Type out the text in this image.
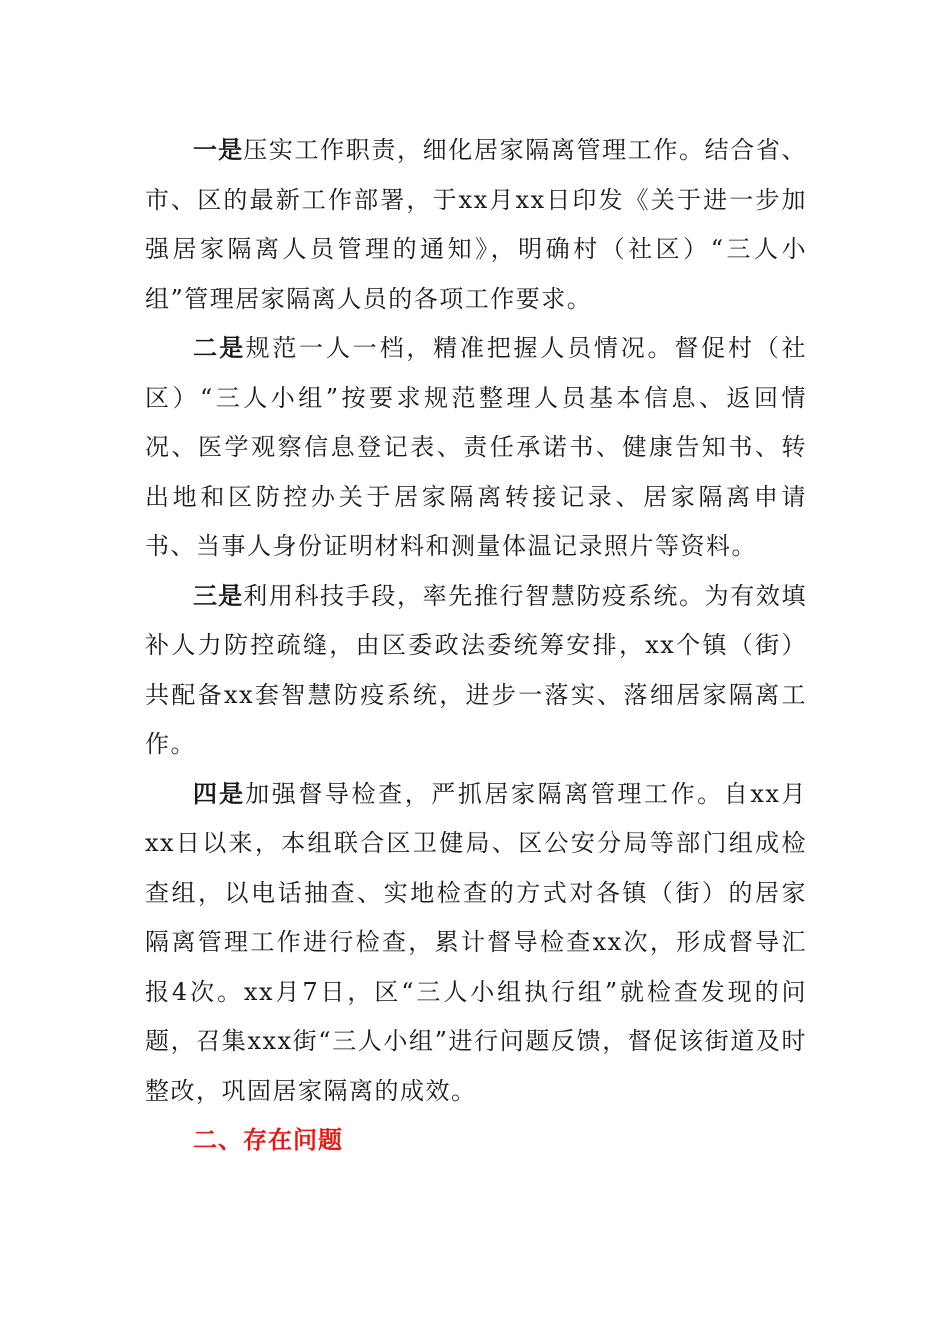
一是压实工作职责，细化居家隔离管理工作。结合省、市、区的最新工作部署，于xx月xx日印发《关于进一步加强居家隔离人员管理的通知》，明确村（社区）“三人小组”管理居家隔离人员的各项工作要求。

二是规范一人一档，精准把握人员情况。督促村（社区）“三人小组”按要求规范整理人员基本信息、返回情况、医学观察信息登记表、责任承诺书、健康告知书、转出地和区防控办关于居家隔离转接记录、居家隔离申请书、当事人身份证明材料和测量体温记录照片等资料。

三是利用科技手段，率先推行智慧防疫系统。为有效填补人力防控疏缝，由区委政法委统筹安排，xx个镇（街）共配备xx套智慧防疫系统，进步一落实、落细居家隔离工作。

四是加强督导检查，严抓居家隔离管理工作。自xx月xx日以来，本组联合区卫健局、区公安分局等部门组成检查组，以电话抽查、实地检查的方式对各镇（街）的居家隔离管理工作进行检查，累计督导检查xx次，形成督导汇报4次。xx月7日，区“三人小组执行组”就检查发现的问题，召集xxx街“三人小组”进行问题反馈，督促该街道及时整改，巩固居家隔离的成效。

二、存在问题
